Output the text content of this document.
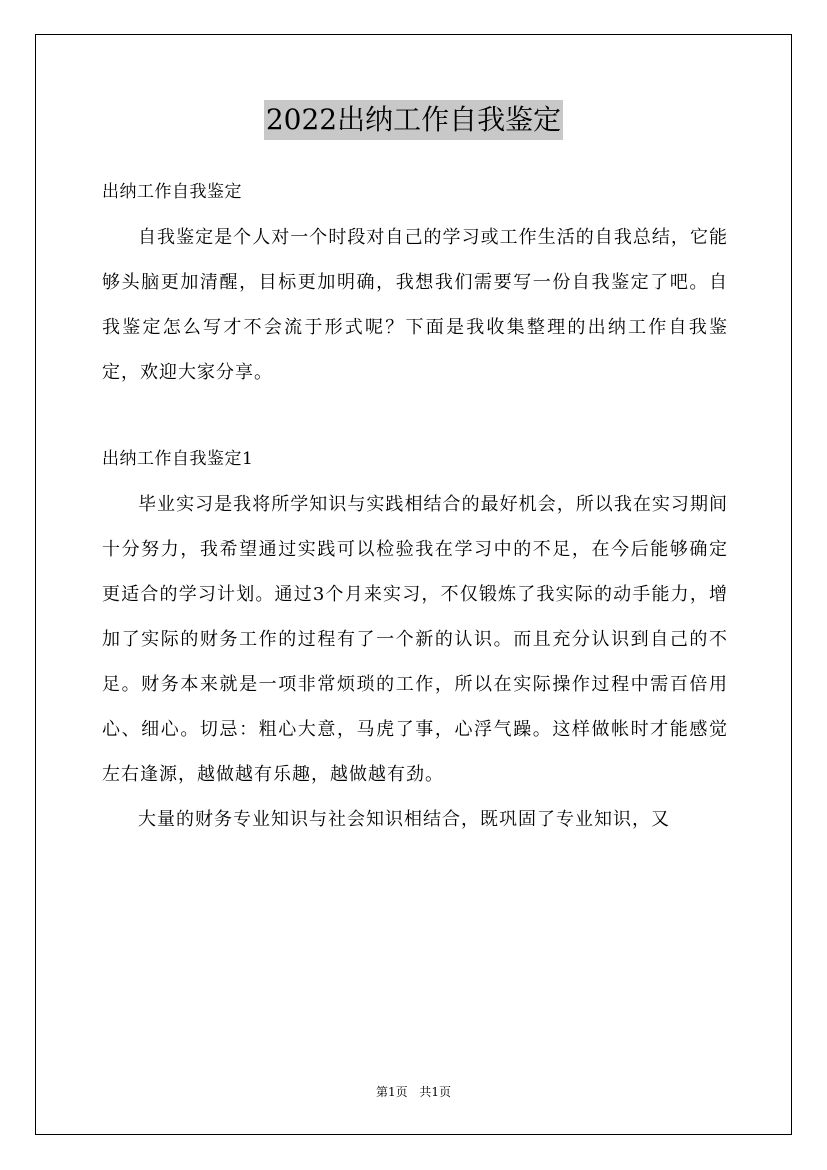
2022出纳工作自我鉴定

出纳工作自我鉴定

自我鉴定是个人对一个时段对自己的学习或工作生活的自我总结，它能够头脑更加清醒，目标更加明确，我想我们需要写一份自我鉴定了吧。自我鉴定怎么写才不会流于形式呢？下面是我收集整理的出纳工作自我鉴定，欢迎大家分享。

出纳工作自我鉴定1

毕业实习是我将所学知识与实践相结合的最好机会，所以我在实习期间十分努力，我希望通过实践可以检验我在学习中的不足，在今后能够确定更适合的学习计划。通过3个月来实习，不仅锻炼了我实际的动手能力，增加了实际的财务工作的过程有了一个新的认识。而且充分认识到自己的不足。财务本来就是一项非常烦琐的工作，所以在实际操作过程中需百倍用心、细心。切忌：粗心大意，马虎了事，心浮气躁。这样做帐时才能感觉左右逢源，越做越有乐趣，越做越有劲。

大量的财务专业知识与社会知识相结合，既巩固了专业知识，又

第1页 共1页
